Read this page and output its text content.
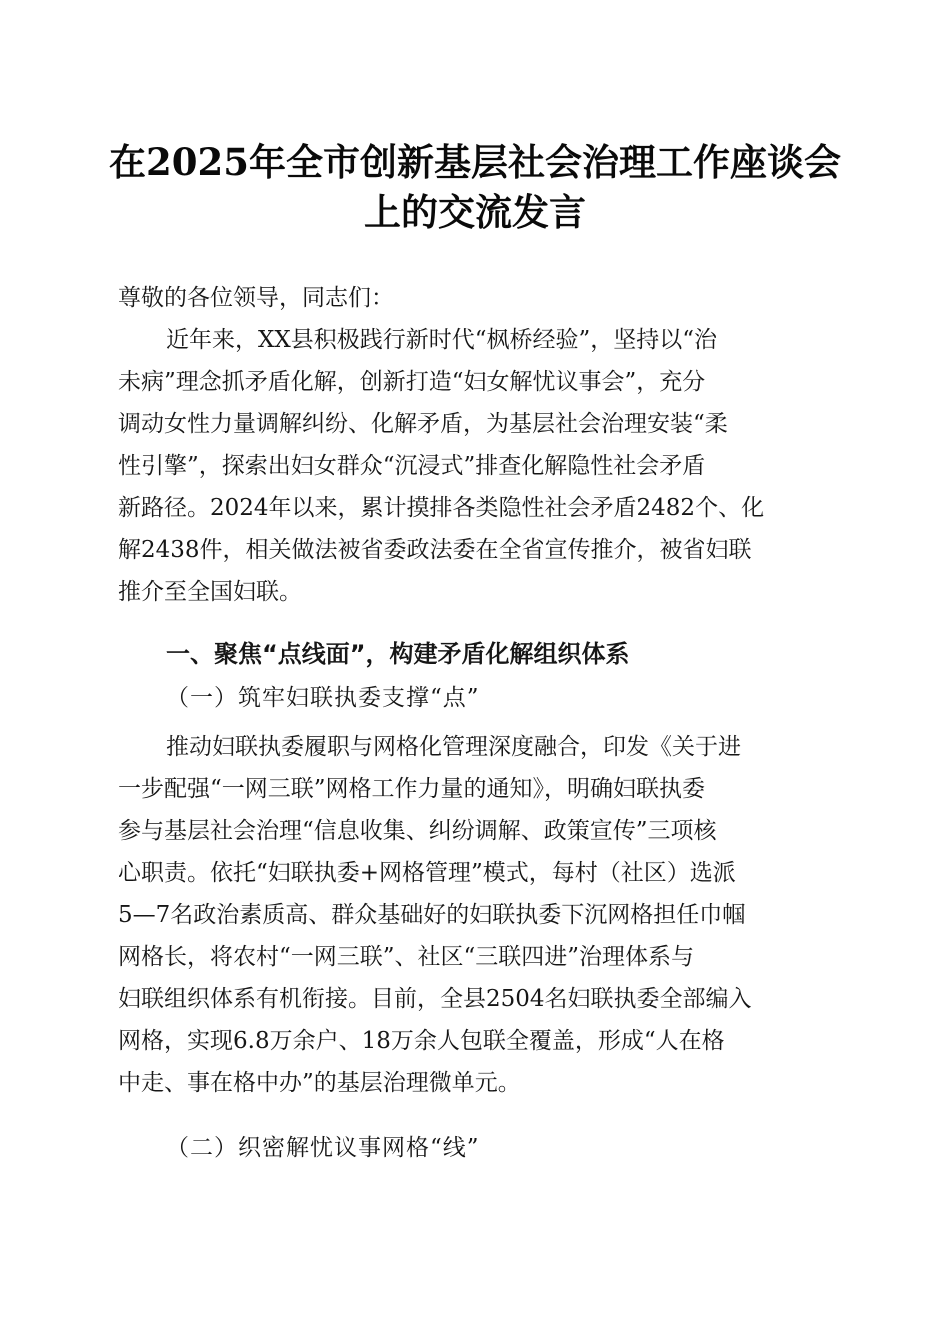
在2025年全市创新基层社会治理工作座谈会
上的交流发言

尊敬的各位领导，同志们：

近年来，XX县积极践行新时代“枫桥经验”，坚持以“治

未病”理念抓矛盾化解，创新打造“妇女解忧议事会”，充分

调动女性力量调解纠纷、化解矛盾，为基层社会治理安装“柔

性引擎”，探索出妇女群众“沉浸式”排查化解隐性社会矛盾

新路径。2024年以来，累计摸排各类隐性社会矛盾2482个、化

解2438件，相关做法被省委政法委在全省宣传推介，被省妇联

推介至全国妇联。

一、聚焦“点线面”，构建矛盾化解组织体系

（一）筑牢妇联执委支撑“点”

推动妇联执委履职与网格化管理深度融合，印发《关于进

一步配强“一网三联”网格工作力量的通知》，明确妇联执委

参与基层社会治理“信息收集、纠纷调解、政策宣传”三项核

心职责。依托“妇联执委+网格管理”模式，每村（社区）选派

5—7名政治素质高、群众基础好的妇联执委下沉网格担任巾帼

网格长，将农村“一网三联”、社区“三联四进”治理体系与

妇联组织体系有机衔接。目前，全县2504名妇联执委全部编入

网格，实现6.8万余户、18万余人包联全覆盖，形成“人在格

中走、事在格中办”的基层治理微单元。

（二）织密解忧议事网格“线”
